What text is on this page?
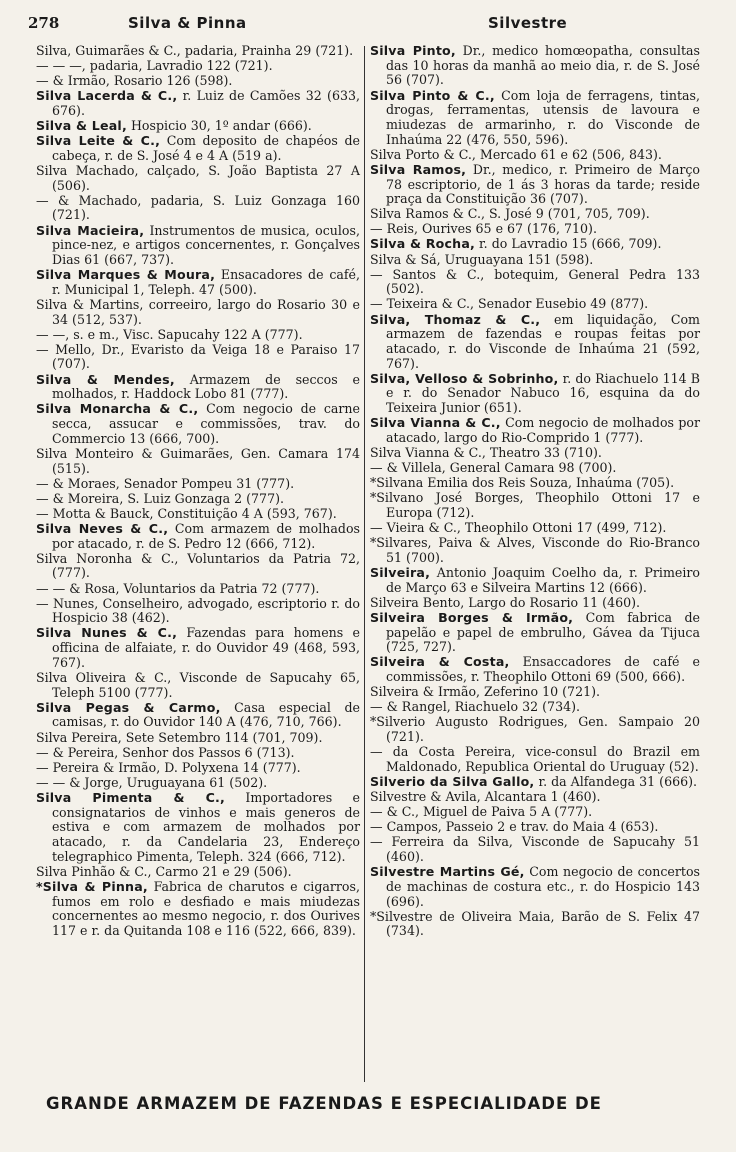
278	Silva & Pinna	Silvestre

Silva, Guimarães & C., padaria, Prainha 29 (721).

— — —, padaria, Lavradio 122 (721).

— & Irmão, Rosario 126 (598).

Silva Lacerda & C., r. Luiz de Camões 32 (633, 676).

Silva & Leal, Hospicio 30, 1º andar (666).

Silva Leite & C., Com deposito de chapéos de cabeça, r. de S. José 4 e 4 A (519 a).

Silva Machado, calçado, S. João Baptista 27 A (506).

— & Machado, padaria, S. Luiz Gonzaga 160 (721).

Silva Macieira, Instrumentos de musica, oculos, pince-nez, e artigos concernentes, r. Gonçalves Dias 61 (667, 737).

Silva Marques & Moura, Ensacadores de café, r. Municipal 1, Teleph. 47 (500).

Silva & Martins, correeiro, largo do Rosario 30 e 34 (512, 537).

— —, s. e m., Visc. Sapucahy 122 A (777).

— Mello, Dr., Evaristo da Veiga 18 e Paraiso 17 (707).

Silva & Mendes, Armazem de seccos e molhados, r. Haddock Lobo 81 (777).

Silva Monarcha & C., Com negocio de carne secca, assucar e commissões, trav. do Commercio 13 (666, 700).

Silva Monteiro & Guimarães, Gen. Camara 174 (515).

— & Moraes, Senador Pompeu 31 (777).

— & Moreira, S. Luiz Gonzaga 2 (777).

— Motta & Bauck, Constituição 4 A (593, 767).

Silva Neves & C., Com armazem de molhados por atacado, r. de S. Pedro 12 (666, 712).

Silva Noronha & C., Voluntarios da Patria 72, (777).

— — & Rosa, Voluntarios da Patria 72 (777).

— Nunes, Conselheiro, advogado, escriptorio r. do Hospicio 38 (462).

Silva Nunes & C., Fazendas para homens e officina de alfaiate, r. do Ouvidor 49 (468, 593, 767).

Silva Oliveira & C., Visconde de Sapucahy 65, Teleph 5100 (777).

Silva Pegas & Carmo, Casa especial de camisas, r. do Ouvidor 140 A (476, 710, 766).

Silva Pereira, Sete Setembro 114 (701, 709).

— & Pereira, Senhor dos Passos 6 (713).

— Pereira & Irmão, D. Polyxena 14 (777).

— — & Jorge, Uruguayana 61 (502).

Silva Pimenta & C., Importadores e consignatarios de vinhos e mais generos de estiva e com armazem de molhados por atacado, r. da Candelaria 23, Endereço telegraphico Pimenta, Teleph. 324 (666, 712).

Silva Pinhão & C., Carmo 21 e 29 (506).

*Silva & Pinna, Fabrica de charutos e cigarros, fumos em rolo e desfiado e mais miudezas concernentes ao mesmo negocio, r. dos Ourives 117 e r. da Quitanda 108 e 116 (522, 666, 839).

Silva Pinto, Dr., medico homœopatha, consultas das 10 horas da manhã ao meio dia, r. de S. José 56 (707).

Silva Pinto & C., Com loja de ferragens, tintas, drogas, ferramentas, utensis de lavoura e miudezas de armarinho, r. do Visconde de Inhaúma 22 (476, 550, 596).

Silva Porto & C., Mercado 61 e 62 (506, 843).

Silva Ramos, Dr., medico, r. Primeiro de Março 78 escriptorio, de 1 ás 3 horas da tarde; reside praça da Constituição 36 (707).

Silva Ramos & C., S. José 9 (701, 705, 709).

— Reis, Ourives 65 e 67 (176, 710).

Silva & Rocha, r. do Lavradio 15 (666, 709).

Silva & Sá, Uruguayana 151 (598).

— Santos & C., botequim, General Pedra 133 (502).

— Teixeira & C., Senador Eusebio 49 (877).

Silva, Thomaz & C., em liquidação, Com armazem de fazendas e roupas feitas por atacado, r. do Visconde de Inhaúma 21 (592, 767).

Silva, Velloso & Sobrinho, r. do Riachuelo 114 B e r. do Senador Nabuco 16, esquina da do Teixeira Junior (651).

Silva Vianna & C., Com negocio de molhados por atacado, largo do Rio-Comprido 1 (777).

Silva Vianna & C., Theatro 33 (710).

— & Villela, General Camara 98 (700).

*Silvana Emilia dos Reis Souza, Inhaúma (705).

*Silvano José Borges, Theophilo Ottoni 17 e Europa (712).

— Vieira & C., Theophilo Ottoni 17 (499, 712).

*Silvares, Paiva & Alves, Visconde do Rio-Branco 51 (700).

Silveira, Antonio Joaquim Coelho da, r. Primeiro de Março 63 e Silveira Martins 12 (666).

Silveira Bento, Largo do Rosario 11 (460).

Silveira Borges & Irmão, Com fabrica de papelão e papel de embrulho, Gávea da Tijuca (725, 727).

Silveira & Costa, Ensaccadores de café e commissões, r. Theophilo Ottoni 69 (500, 666).

Silveira & Irmão, Zeferino 10 (721).

— & Rangel, Riachuelo 32 (734).

*Silverio Augusto Rodrigues, Gen. Sampaio 20 (721).

— da Costa Pereira, vice-consul do Brazil em Maldonado, Republica Oriental do Uruguay (52).

Silverio da Silva Gallo, r. da Alfandega 31 (666).

Silvestre & Avila, Alcantara 1 (460).

— & C., Miguel de Paiva 5 A (777).

— Campos, Passeio 2 e trav. do Maia 4 (653).

— Ferreira da Silva, Visconde de Sapucahy 51 (460).

Silvestre Martins Gé, Com negocio de concertos de machinas de costura etc., r. do Hospicio 143 (696).

*Silvestre de Oliveira Maia, Barão de S. Felix 47 (734).

GRANDE ARMAZEM DE FAZENDAS E ESPECIALIDADE DE
